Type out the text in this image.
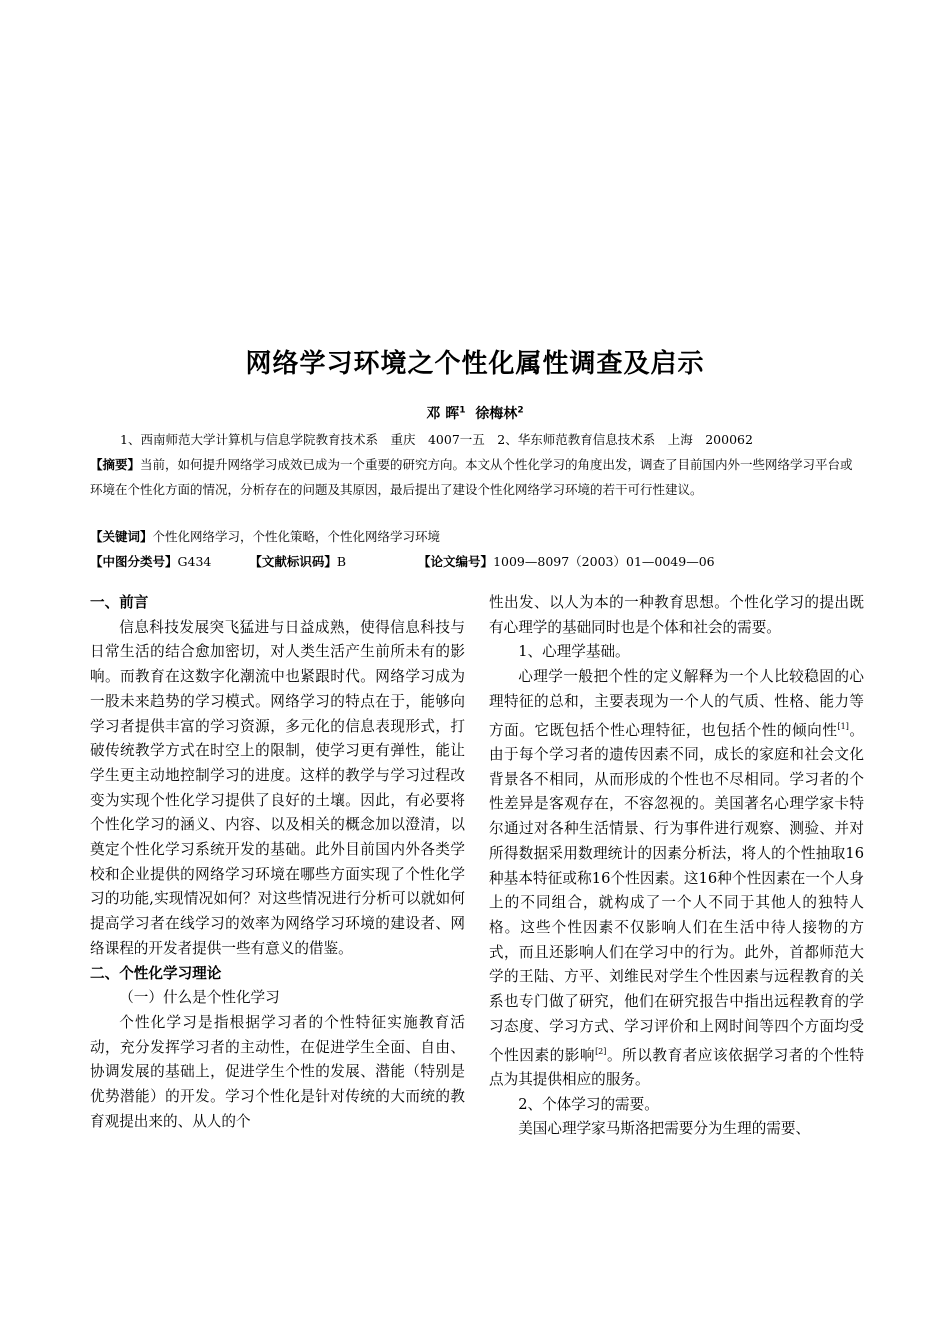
网络学习环境之个性化属性调查及启示
邓 晖$^1$ 徐梅林$^2$
1、西南师范大学计算机与信息学院教育技术系　重庆　4007一五　2、华东师范教育信息技术系　上海　200062
【摘要】当前，如何提升网络学习成效已成为一个重要的研究方向。本文从个性化学习的角度出发，调查了目前国内外一些网络学习平台或环境在个性化方面的情况，分析存在的问题及其原因，最后提出了建设个性化网络学习环境的若干可行性建议。
【关键词】个性化网络学习，个性化策略，个性化网络学习环境
【中图分类号】G434	【文献标识码】B	【论文编号】1009—8097（2003）01—0049—06
一、前言

信息科技发展突飞猛进与日益成熟，使得信息科技与日常生活的结合愈加密切，对人类生活产生前所未有的影响。而教育在这数字化潮流中也紧跟时代。网络学习成为一股未来趋势的学习模式。网络学习的特点在于，能够向学习者提供丰富的学习资源，多元化的信息表现形式，打破传统教学方式在时空上的限制，使学习更有弹性，能让学生更主动地控制学习的进度。这样的教学与学习过程改变为实现个性化学习提供了良好的土壤。因此，有必要将个性化学习的涵义、内容、以及相关的概念加以澄清，以奠定个性化学习系统开发的基础。此外目前国内外各类学校和企业提供的网络学习环境在哪些方面实现了个性化学习的功能,实现情况如何？对这些情况进行分析可以就如何提高学习者在线学习的效率为网络学习环境的建设者、网络课程的开发者提供一些有意义的借鉴。

二、个性化学习理论

（一）什么是个性化学习

个性化学习是指根据学习者的个性特征实施教育活动，充分发挥学习者的主动性，在促进学生全面、自由、协调发展的基础上，促进学生个性的发展、潜能（特别是优势潜能）的开发。学习个性化是针对传统的大而统的教育观提出来的、从人的个

性出发、以人为本的一种教育思想。个性化学习的提出既有心理学的基础同时也是个体和社会的需要。

1、心理学基础。

心理学一般把个性的定义解释为一个人比较稳固的心理特征的总和，主要表现为一个人的气质、性格、能力等方面。它既包括个性心理特征，也包括个性的倾向性[1]。由于每个学习者的遗传因素不同，成长的家庭和社会文化背景各不相同，从而形成的个性也不尽相同。学习者的个性差异是客观存在，不容忽视的。美国著名心理学家卡特尔通过对各种生活情景、行为事件进行观察、测验、并对所得数据采用数理统计的因素分析法，将人的个性抽取16种基本特征或称16个性因素。这16种个性因素在一个人身上的不同组合，就构成了一个人不同于其他人的独特人格。这些个性因素不仅影响人们在生活中待人接物的方式，而且还影响人们在学习中的行为。此外，首都师范大学的王陆、方平、刘维民对学生个性因素与远程教育的关系也专门做了研究，他们在研究报告中指出远程教育的学习态度、学习方式、学习评价和上网时间等四个方面均受个性因素的影响[2]。所以教育者应该依据学习者的个性特点为其提供相应的服务。

2、个体学习的需要。

美国心理学家马斯洛把需要分为生理的需要、
